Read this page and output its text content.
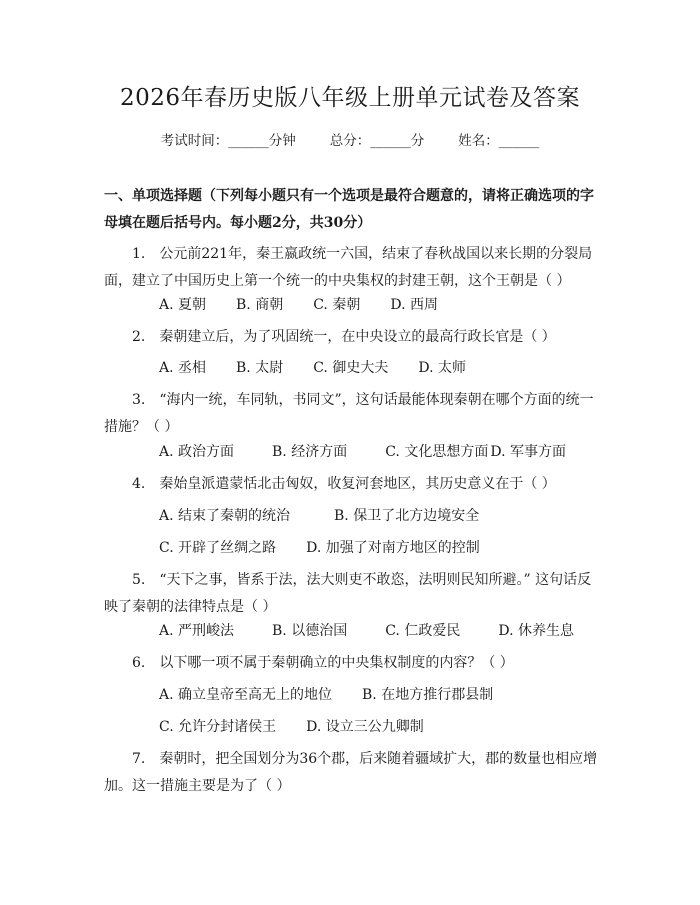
2026年春历史版八年级上册单元试卷及答案
考试时间：______分钟	总分：______分	姓名：______
一、单项选择题（下列每小题只有一个选项是最符合题意的，请将正确选项的字母填在题后括号内。每小题2分，共30分）
1.　公元前221年，秦王嬴政统一六国，结束了春秋战国以来长期的分裂局面，建立了中国历史上第一个统一的中央集权的封建王朝，这个王朝是（ ）
A. 夏朝 B. 商朝 C. 秦朝 D. 西周
2.　秦朝建立后，为了巩固统一，在中央设立的最高行政长官是（ ）
A. 丞相 B. 太尉 C. 御史大夫 D. 太师
3.　“海内一统，车同轨，书同文”，这句话最能体现秦朝在哪个方面的统一措施？（ ）
A. 政治方面	B. 经济方面	C. 文化思想方面 D. 军事方面
4.　秦始皇派遣蒙恬北击匈奴，收复河套地区，其历史意义在于（ ）
A. 结束了秦朝的统治	B. 保卫了北方边境安全
C. 开辟了丝绸之路 D. 加强了对南方地区的控制
5.　“天下之事，皆系于法，法大则吏不敢恣，法明则民知所避。” 这句话反映了秦朝的法律特点是（ ）
A. 严刑峻法	B. 以德治国	C. 仁政爱民	D. 休养生息
6.　以下哪一项不属于秦朝确立的中央集权制度的内容？（ ）
A. 确立皇帝至高无上的地位 B. 在地方推行郡县制
C. 允许分封诸侯王 D. 设立三公九卿制
7.　秦朝时，把全国划分为36个郡，后来随着疆域扩大，郡的数量也相应增加。这一措施主要是为了（ ）
